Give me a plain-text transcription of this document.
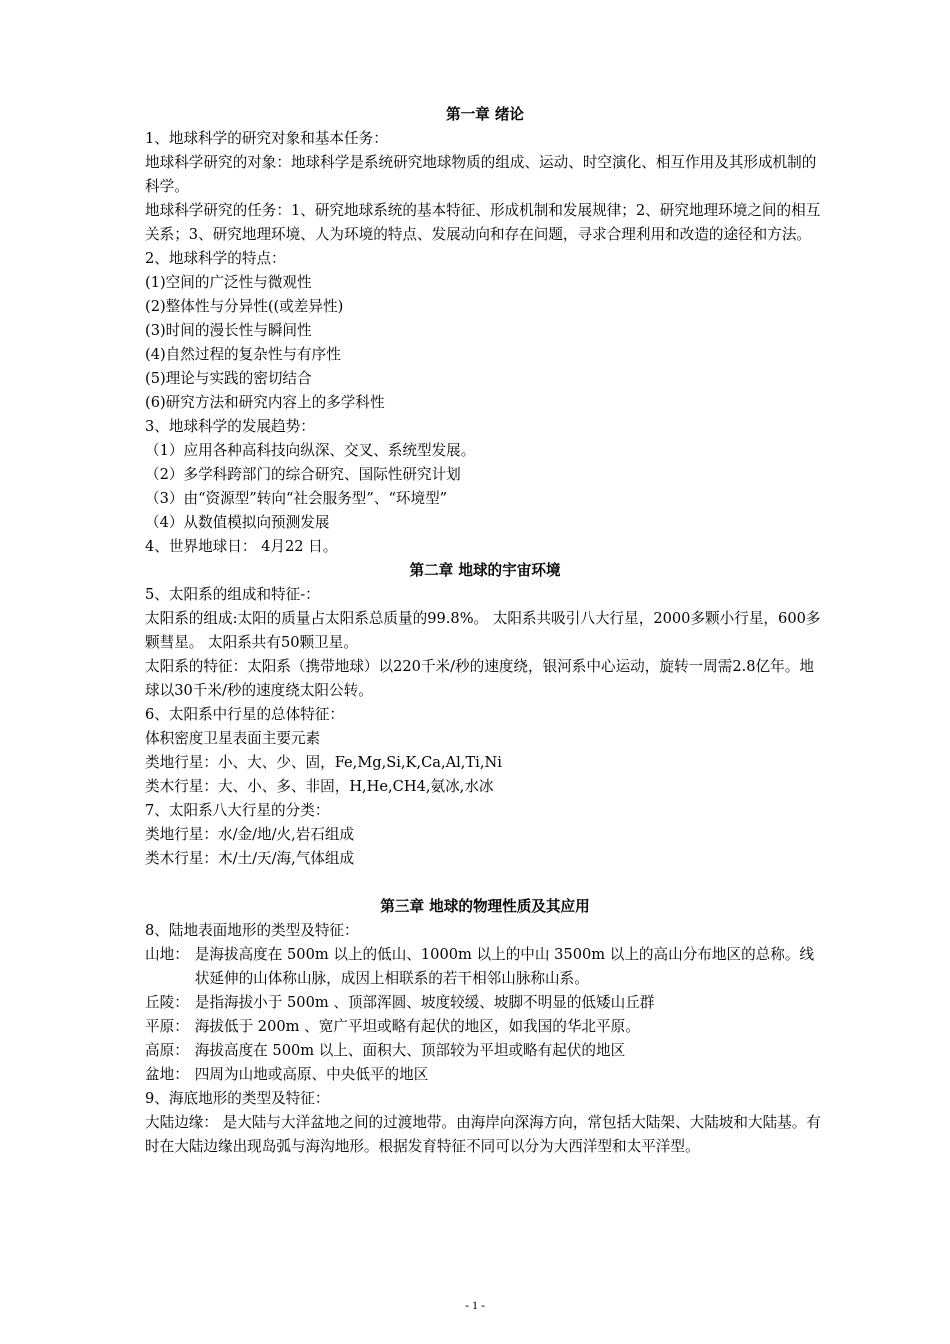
第一章 绪论
1、地球科学的研究对象和基本任务：
地球科学研究的对象：地球科学是系统研究地球物质的组成、运动、时空演化、相互作用及其形成机制的科学。
地球科学研究的任务：1、研究地球系统的基本特征、形成机制和发展规律；2、研究地理环境之间的相互关系；3、研究地理环境、人为环境的特点、发展动向和存在问题，寻求合理利用和改造的途径和方法。
2、地球科学的特点：
(1)空间的广泛性与微观性
(2)整体性与分异性((或差异性)
(3)时间的漫长性与瞬间性
(4)自然过程的复杂性与有序性
(5)理论与实践的密切结合
(6)研究方法和研究内容上的多学科性
3、地球科学的发展趋势：
（1）应用各种高科技向纵深、交叉、系统型发展。
（2）多学科跨部门的综合研究、国际性研究计划
（3）由“资源型”转向“社会服务型”、“环境型”
（4）从数值模拟向预测发展
4、世界地球日： 4月22 日。
第二章 地球的宇宙环境
5、太阳系的组成和特征-：
太阳系的组成:太阳的质量占太阳系总质量的99.8%。 太阳系共吸引八大行星，2000多颗小行星，600多颗彗星。 太阳系共有50颗卫星。
太阳系的特征：太阳系（携带地球）以220千米/秒的速度绕，银河系中心运动，旋转一周需2.8亿年。地球以30千米/秒的速度绕太阳公转。
6、太阳系中行星的总体特征：
体积密度卫星表面主要元素
类地行星：小、大、少、固，Fe,Mg,Si,K,Ca,Al,Ti,Ni
类木行星：大、小、多、非固，H,He,CH4,氨冰,水冰
7、太阳系八大行星的分类：
类地行星：水/金/地/火,岩石组成
类木行星：木/土/天/海,气体组成
第三章 地球的物理性质及其应用
8、陆地表面地形的类型及特征：
山地： 是海拔高度在 500m 以上的低山、1000m 以上的中山 3500m 以上的高山分布地区的总称。线状延伸的山体称山脉，成因上相联系的若干相邻山脉称山系。
丘陵： 是指海拔小于 500m 、顶部浑圆、坡度较缓、坡脚不明显的低矮山丘群
平原： 海拔低于 200m 、宽广平坦或略有起伏的地区，如我国的华北平原。
高原： 海拔高度在 500m 以上、面积大、顶部较为平坦或略有起伏的地区
盆地： 四周为山地或高原、中央低平的地区
9、海底地形的类型及特征：
大陆边缘： 是大陆与大洋盆地之间的过渡地带。由海岸向深海方向，常包括大陆架、大陆坡和大陆基。有时在大陆边缘出现岛弧与海沟地形。根据发育特征不同可以分为大西洋型和太平洋型。
- 1 -
